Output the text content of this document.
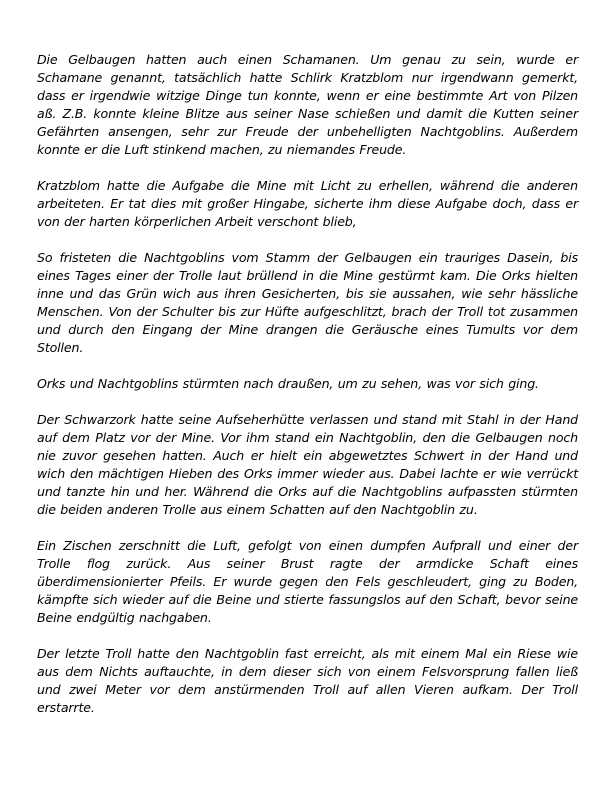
Die Gelbaugen hatten auch einen Schamanen. Um genau zu sein, wurde er Schamane genannt, tatsächlich hatte Schlirk Kratzblom nur irgendwann gemerkt, dass er irgendwie witzige Dinge tun konnte, wenn er eine bestimmte Art von Pilzen aß. Z.B. konnte kleine Blitze aus seiner Nase schießen und damit die Kutten seiner Gefährten ansengen, sehr zur Freude der unbehelligten Nachtgoblins. Außerdem konnte er die Luft stinkend machen, zu niemandes Freude.

Kratzblom hatte die Aufgabe die Mine mit Licht zu erhellen, während die anderen arbeiteten. Er tat dies mit großer Hingabe, sicherte ihm diese Aufgabe doch, dass er von der harten körperlichen Arbeit verschont blieb,

So fristeten die Nachtgoblins vom Stamm der Gelbaugen ein trauriges Dasein, bis eines Tages einer der Trolle laut brüllend in die Mine gestürmt kam. Die Orks hielten inne und das Grün wich aus ihren Gesicherten, bis sie aussahen, wie sehr hässliche Menschen. Von der Schulter bis zur Hüfte aufgeschlitzt, brach der Troll tot zusammen und durch den Eingang der Mine drangen die Geräusche eines Tumults vor dem Stollen.

Orks und Nachtgoblins stürmten nach draußen, um zu sehen, was vor sich ging.

Der Schwarzork hatte seine Aufseherhütte verlassen und stand mit Stahl in der Hand auf dem Platz vor der Mine. Vor ihm stand ein Nachtgoblin, den die Gelbaugen noch nie zuvor gesehen hatten. Auch er hielt ein abgewetztes Schwert in der Hand und wich den mächtigen Hieben des Orks immer wieder aus. Dabei lachte er wie verrückt und tanzte hin und her. Während die Orks auf die Nachtgoblins aufpassten stürmten die beiden anderen Trolle aus einem Schatten auf den Nachtgoblin zu.

Ein Zischen zerschnitt die Luft, gefolgt von einen dumpfen Aufprall und einer der Trolle flog zurück. Aus seiner Brust ragte der armdicke Schaft eines überdimensionierter Pfeils. Er wurde gegen den Fels geschleudert, ging zu Boden, kämpfte sich wieder auf die Beine und stierte fassungslos auf den Schaft, bevor seine Beine endgültig nachgaben.

Der letzte Troll hatte den Nachtgoblin fast erreicht, als mit einem Mal ein Riese wie aus dem Nichts auftauchte, in dem dieser sich von einem Felsvorsprung fallen ließ und zwei Meter vor dem anstürmenden Troll auf allen Vieren aufkam. Der Troll erstarrte.
